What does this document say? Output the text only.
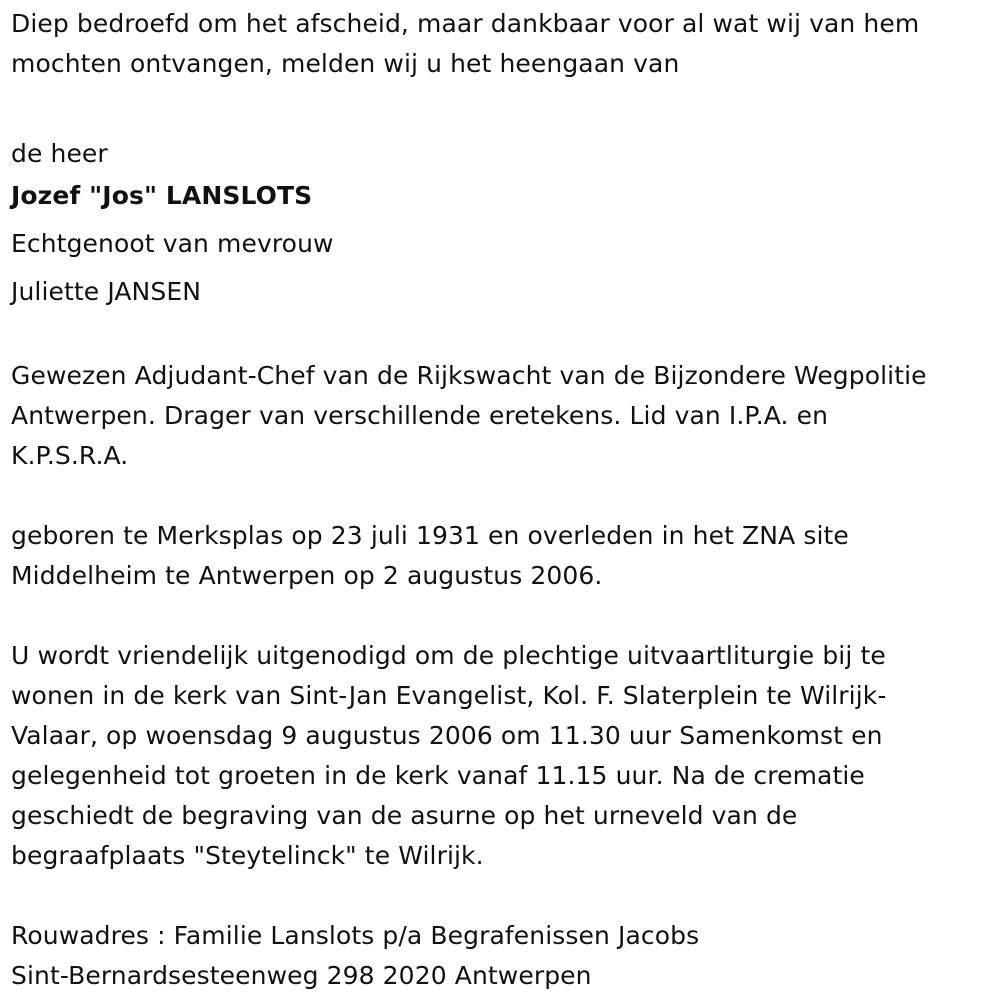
Diep bedroefd om het afscheid, maar dankbaar voor al wat wij van hem
mochten ontvangen, melden wij u het heengaan van
de heer
Jozef "Jos" LANSLOTS
Echtgenoot van mevrouw
Juliette JANSEN
Gewezen Adjudant-Chef van de Rijkswacht van de Bijzondere Wegpolitie
Antwerpen. Drager van verschillende eretekens. Lid van I.P.A. en
K.P.S.R.A.
geboren te Merksplas op 23 juli 1931 en overleden in het ZNA site
Middelheim te Antwerpen op 2 augustus 2006.
U wordt vriendelijk uitgenodigd om de plechtige uitvaartliturgie bij te
wonen in de kerk van Sint-Jan Evangelist, Kol. F. Slaterplein te Wilrijk-
Valaar, op woensdag 9 augustus 2006 om 11.30 uur Samenkomst en
gelegenheid tot groeten in de kerk vanaf 11.15 uur. Na de crematie
geschiedt de begraving van de asurne op het urneveld van de
begraafplaats "Steytelinck" te Wilrijk.
Rouwadres : Familie Lanslots p/a Begrafenissen Jacobs
Sint-Bernardsesteenweg 298 2020 Antwerpen
